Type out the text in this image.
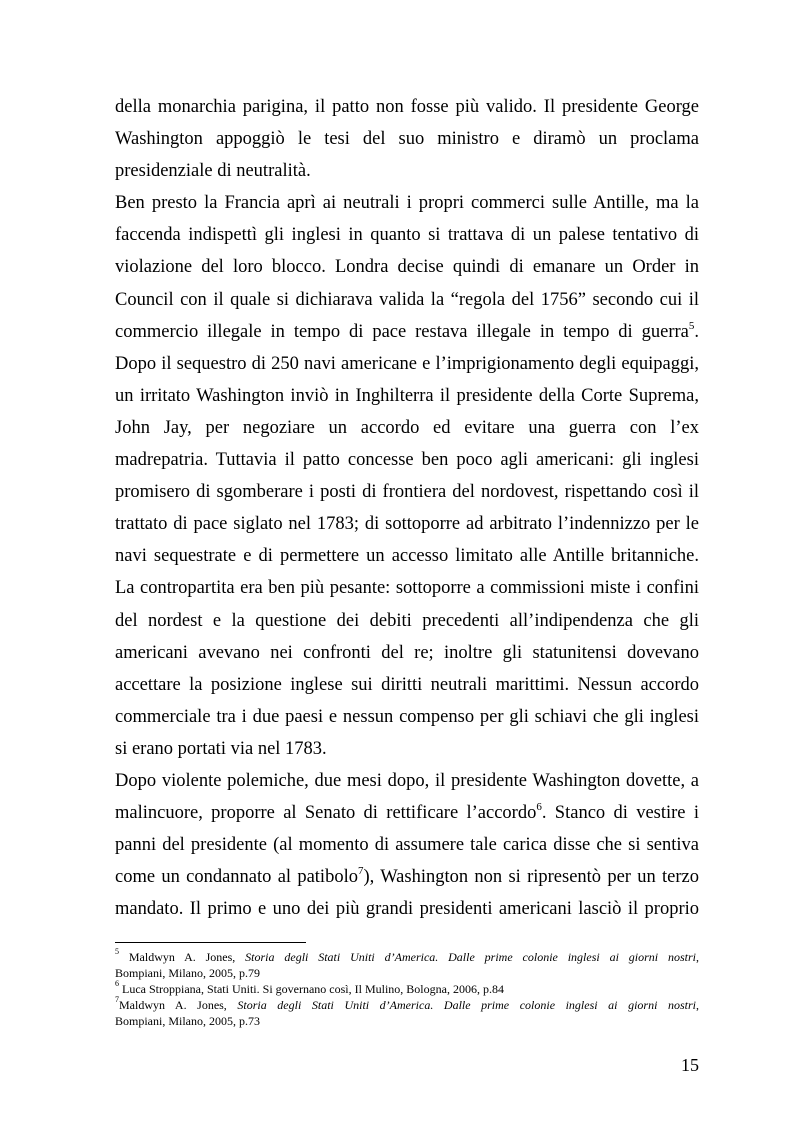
della monarchia parigina, il patto non fosse più valido. Il presidente George
Washington appoggiò le tesi del suo ministro e diramò un proclama
presidenziale di neutralità.
Ben presto la Francia aprì ai neutrali i propri commerci sulle Antille, ma la
faccenda indispettì gli inglesi in quanto si trattava di un palese tentativo di
violazione del loro blocco. Londra decise quindi di emanare un Order in
Council con il quale si dichiarava valida la “regola del 1756” secondo cui il
commercio illegale in tempo di pace restava illegale in tempo di guerra$^5$.
Dopo il sequestro di 250 navi americane e l’imprigionamento degli equipaggi,
un irritato Washington inviò in Inghilterra il presidente della Corte Suprema,
John Jay, per negoziare un accordo ed evitare una guerra con l’ex
madrepatria. Tuttavia il patto concesse ben poco agli americani: gli inglesi
promisero di sgomberare i posti di frontiera del nordovest, rispettando così il
trattato di pace siglato nel 1783; di sottoporre ad arbitrato l’indennizzo per le
navi sequestrate e di permettere un accesso limitato alle Antille britanniche.
La contropartita era ben più pesante: sottoporre a commissioni miste i confini
del nordest e la questione dei debiti precedenti all’indipendenza che gli
americani avevano nei confronti del re; inoltre gli statunitensi dovevano
accettare la posizione inglese sui diritti neutrali marittimi. Nessun accordo
commerciale tra i due paesi e nessun compenso per gli schiavi che gli inglesi
si erano portati via nel 1783.
Dopo violente polemiche, due mesi dopo, il presidente Washington dovette, a
malincuore, proporre al Senato di rettificare l’accordo$^6$. Stanco di vestire i
panni del presidente (al momento di assumere tale carica disse che si sentiva
come un condannato al patibolo$^7$), Washington non si ripresentò per un terzo
mandato. Il primo e uno dei più grandi presidenti americani lasciò il proprio
$^5$ Maldwyn A. Jones, Storia degli Stati Uniti d’America. Dalle prime colonie inglesi ai giorni nostri,
Bompiani, Milano, 2005, p.79
$^6$ Luca Stroppiana, Stati Uniti. Si governano così, Il Mulino, Bologna, 2006, p.84
$^7$Maldwyn A. Jones, Storia degli Stati Uniti d’America. Dalle prime colonie inglesi ai giorni nostri,
Bompiani, Milano, 2005, p.73
15
